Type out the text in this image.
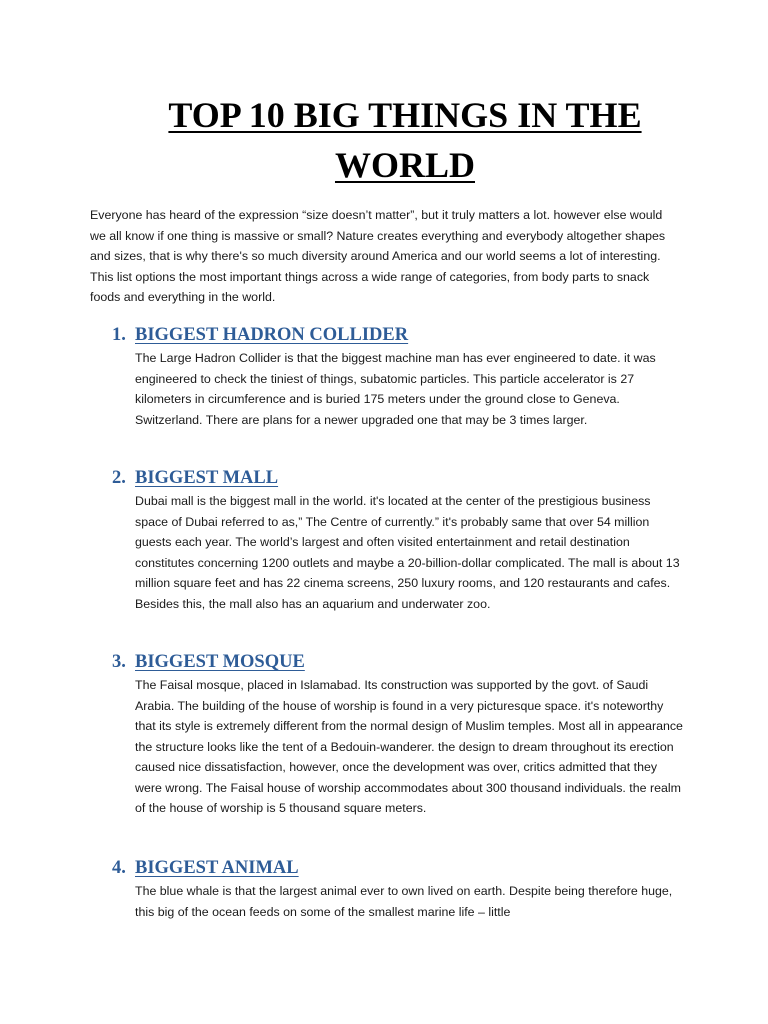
TOP 10 BIG THINGS IN THE WORLD

Everyone has heard of the expression “size doesn’t matter”, but it truly matters a lot. however else would we all know if one thing is massive or small? Nature creates everything and everybody altogether shapes and sizes, that is why there's so much diversity around America and our world seems a lot of interesting. This list options the most important things across a wide range of categories, from body parts to snack foods and everything in the world.

1. BIGGEST HADRON COLLIDER

The Large Hadron Collider is that the biggest machine man has ever engineered to date. it was engineered to check the tiniest of things, subatomic particles. This particle accelerator is 27 kilometers in circumference and is buried 175 meters under the ground close to Geneva. Switzerland. There are plans for a newer upgraded one that may be 3 times larger.

2. BIGGEST MALL

Dubai mall is the biggest mall in the world. it's located at the center of the prestigious business space of Dubai referred to as,” The Centre of currently.” it's probably same that over 54 million guests each year. The world’s largest and often visited entertainment and retail destination constitutes concerning 1200 outlets and maybe a 20-billion-dollar complicated. The mall is about 13 million square feet and has 22 cinema screens, 250 luxury rooms, and 120 restaurants and cafes. Besides this, the mall also has an aquarium and underwater zoo.

3. BIGGEST MOSQUE

The Faisal mosque, placed in Islamabad. Its construction was supported by the govt. of Saudi Arabia. The building of the house of worship is found in a very picturesque space. it's noteworthy that its style is extremely different from the normal design of Muslim temples. Most all in appearance the structure looks like the tent of a Bedouin-wanderer. the design to dream throughout its erection caused nice dissatisfaction, however, once the development was over, critics admitted that they were wrong. The Faisal house of worship accommodates about 300 thousand individuals. the realm of the house of worship is 5 thousand square meters.

4. BIGGEST ANIMAL

The blue whale is that the largest animal ever to own lived on earth. Despite being therefore huge, this big of the ocean feeds on some of the smallest marine life – little
